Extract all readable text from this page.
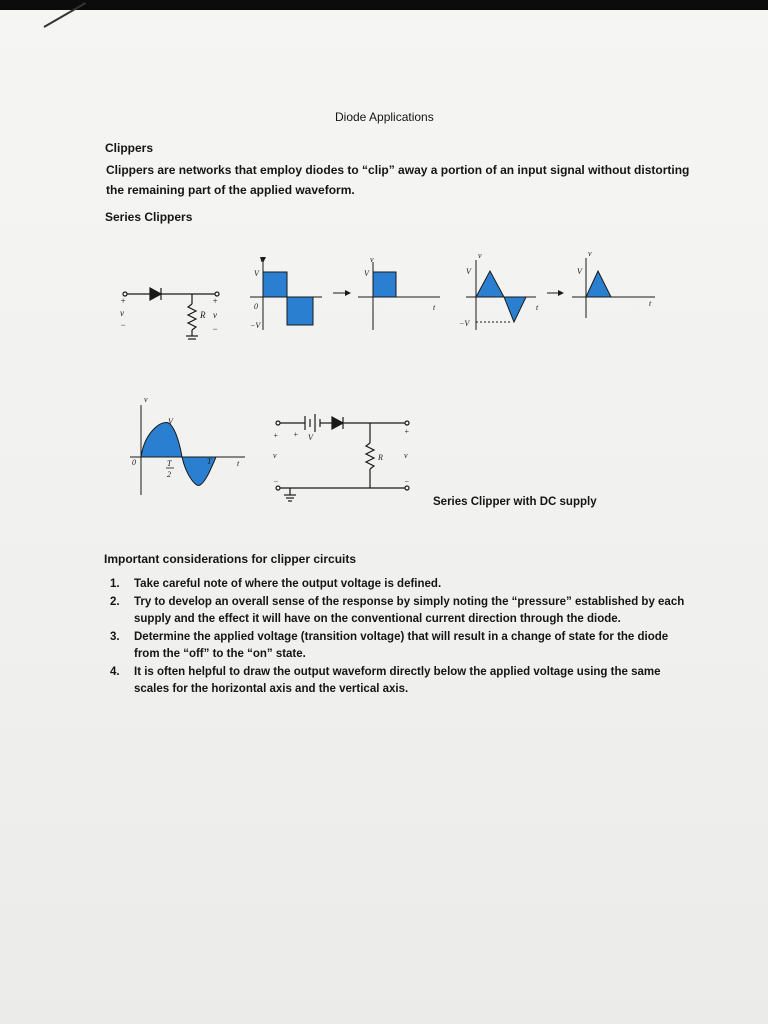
Diode Applications
Clippers
Clippers are networks that employ diodes to “clip” away a portion of an input signal without distorting
the remaining part of the applied waveform.
Series Clippers
+
v
−
+
R v
−
v
V
0
−V
v
V
t
v
V
−V
t
v
V
t
v
V
0	T
2
T	t
+ + V
v
−
+
R	v
−
Series Clipper with DC supply
Important considerations for clipper circuits
1. Take careful note of where the output voltage is defined.
2. Try to develop an overall sense of the response by simply noting the “pressure” established by each supply and the effect it will have on the conventional current direction through the diode.
3. Determine the applied voltage (transition voltage) that will result in a change of state for the diode from the “off” to the “on” state.
4. It is often helpful to draw the output waveform directly below the applied voltage using the same scales for the horizontal axis and the vertical axis.
